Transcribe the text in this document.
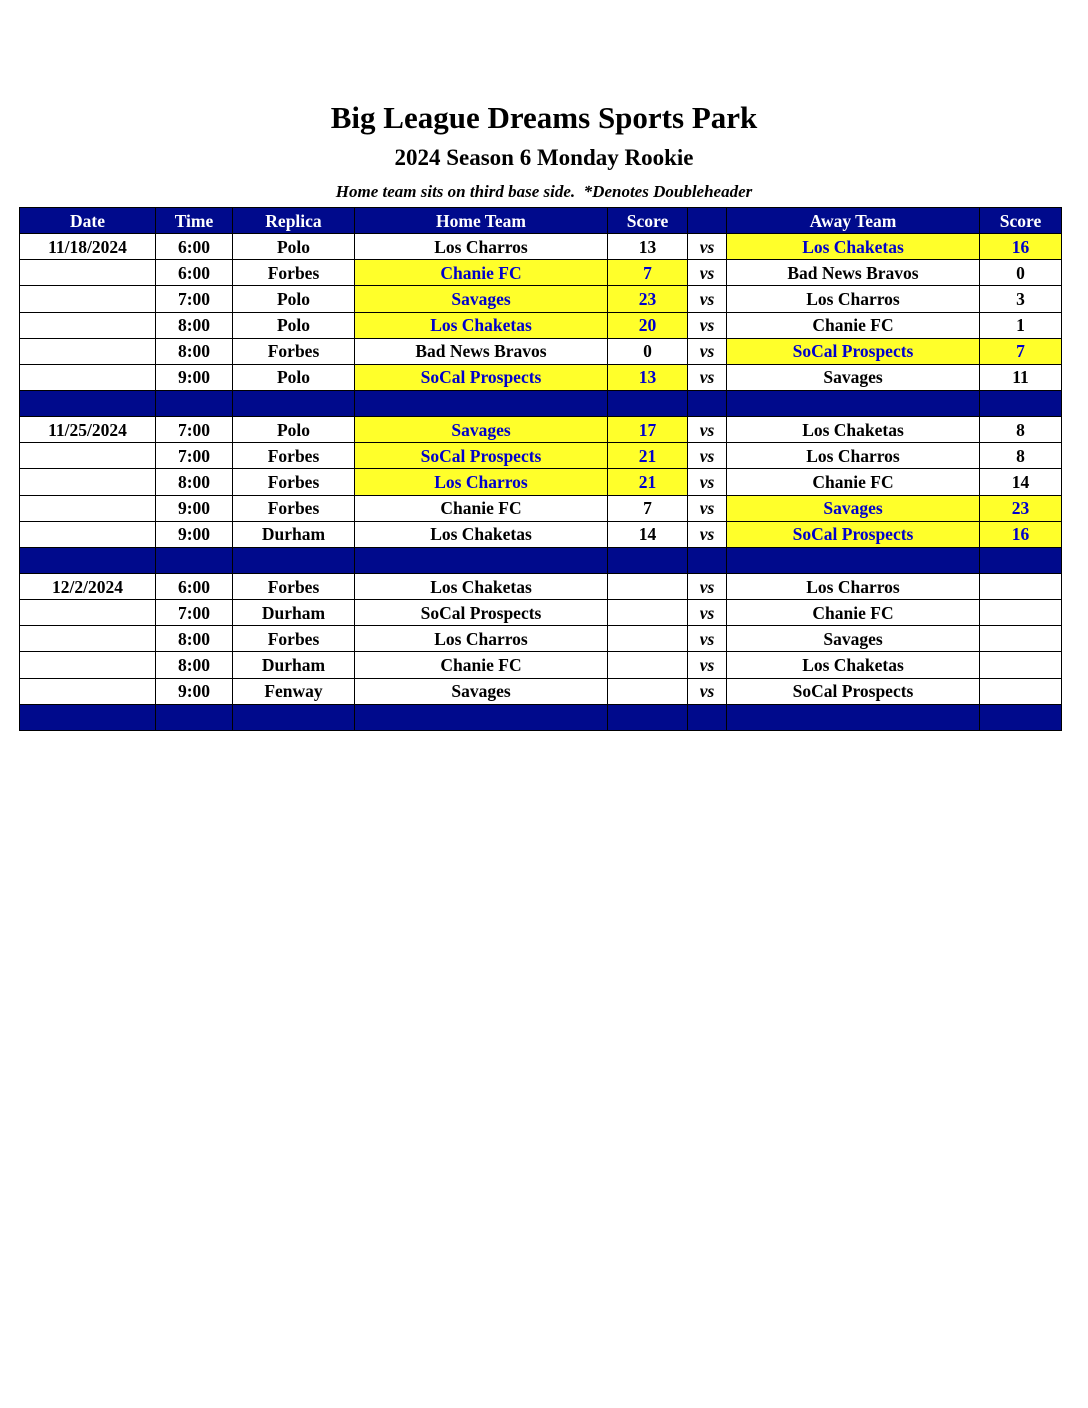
Big League Dreams Sports Park
2024 Season 6 Monday Rookie
Home team sits on third base side.  *Denotes Doubleheader
Date	Time	Replica	Home Team	Score		Away Team	Score
11/18/2024	6:00	Polo	Los Charros	13	vs	Los Chaketas	16
	6:00	Forbes	Chanie FC	7	vs	Bad News Bravos	0
	7:00	Polo	Savages	23	vs	Los Charros	3
	8:00	Polo	Los Chaketas	20	vs	Chanie FC	1
	8:00	Forbes	Bad News Bravos	0	vs	SoCal Prospects	7
	9:00	Polo	SoCal Prospects	13	vs	Savages	11

11/25/2024	7:00	Polo	Savages	17	vs	Los Chaketas	8
	7:00	Forbes	SoCal Prospects	21	vs	Los Charros	8
	8:00	Forbes	Los Charros	21	vs	Chanie FC	14
	9:00	Forbes	Chanie FC	7	vs	Savages	23
	9:00	Durham	Los Chaketas	14	vs	SoCal Prospects	16

12/2/2024	6:00	Forbes	Los Chaketas		vs	Los Charros	
	7:00	Durham	SoCal Prospects		vs	Chanie FC	
	8:00	Forbes	Los Charros		vs	Savages	
	8:00	Durham	Chanie FC		vs	Los Chaketas	
	9:00	Fenway	Savages		vs	SoCal Prospects	
